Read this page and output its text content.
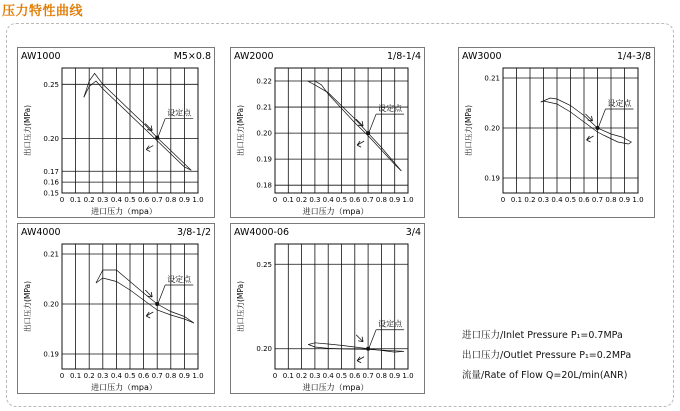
压力特性曲线
AW1000	M5×0.8
0 0.1 0.2 0.3 0.4 0.5 0.6 0.7 0.8 0.9 1.0
0.15
0.16
0.17
0.20
0.25
进口压力（mpa）
出口压力(MPa)	设定点
AW2000	1/8-1/4
0 0.1 0.2 0.3 0.4 0.5 0.6 0.7 0.8 0.9 1.0
0.18
0.19
0.20
0.21
0.22
进口压力（mpa）
出口压力(MPa)	设定点
AW3000	1/4-3/8
0 0.1 0.2 0.3 0.4 0.5 0.6 0.7 0.8 0.9 1.0
0.19
0.20
0.21
出口压力(MPa)
设定点
AW4000	3/8-1/2
0 0.1 0.2 0.3 0.4 0.5 0.6 0.7 0.8 0.9 1.0
0.19
0.20
0.21
进口压力（mpa）
出口压力(MPa)
设定点
AW4000-06	3/4
0 0.1 0.2 0.3 0.4 0.5 0.6 0.7 0.8 0.9 1.0
0.20
0.25
进口压力（mpa）
出口压力(MPa)	设定点
进口压力/Inlet Pressure P₁=0.7MPa
出口压力/Outlet Pressure P₁=0.2MPa
流量/Rate of Flow Q=20L/min(ANR)
